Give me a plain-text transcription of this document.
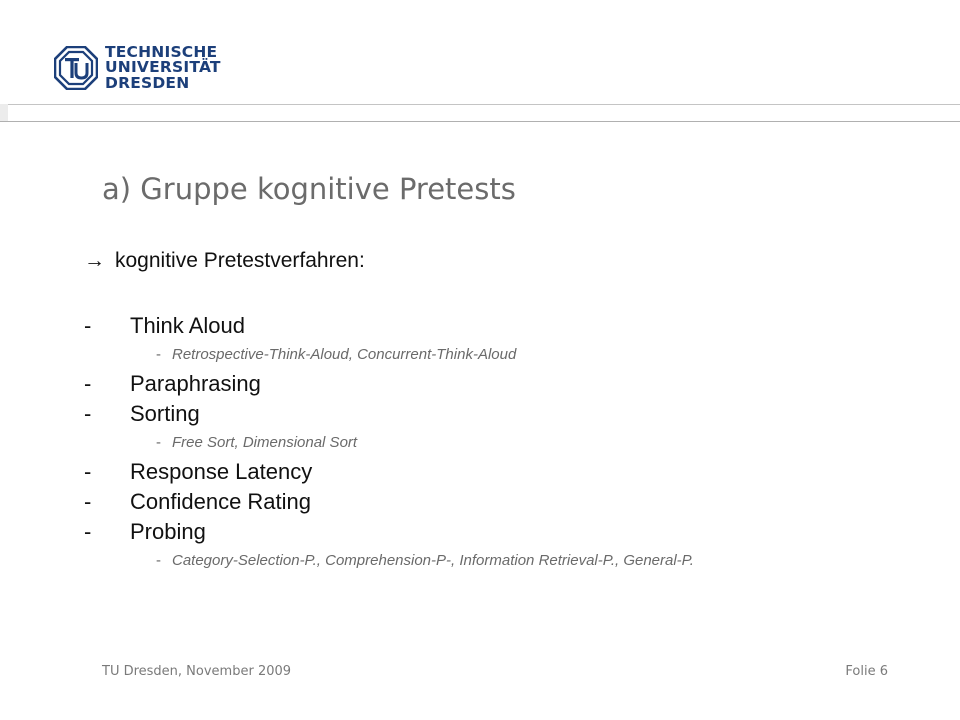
TECHNISCHE
UNIVERSITÄT
DRESDEN
a) Gruppe kognitive Pretests
→ kognitive Pretestverfahren:
-	Think Aloud
- Retrospective-Think-Aloud, Concurrent-Think-Aloud
-	Paraphrasing
-	Sorting
- Free Sort, Dimensional Sort
-	Response Latency
-	Confidence Rating
-	Probing
- Category-Selection-P., Comprehension-P-, Information Retrieval-P., General-P.
TU Dresden, November 2009	Folie 6
